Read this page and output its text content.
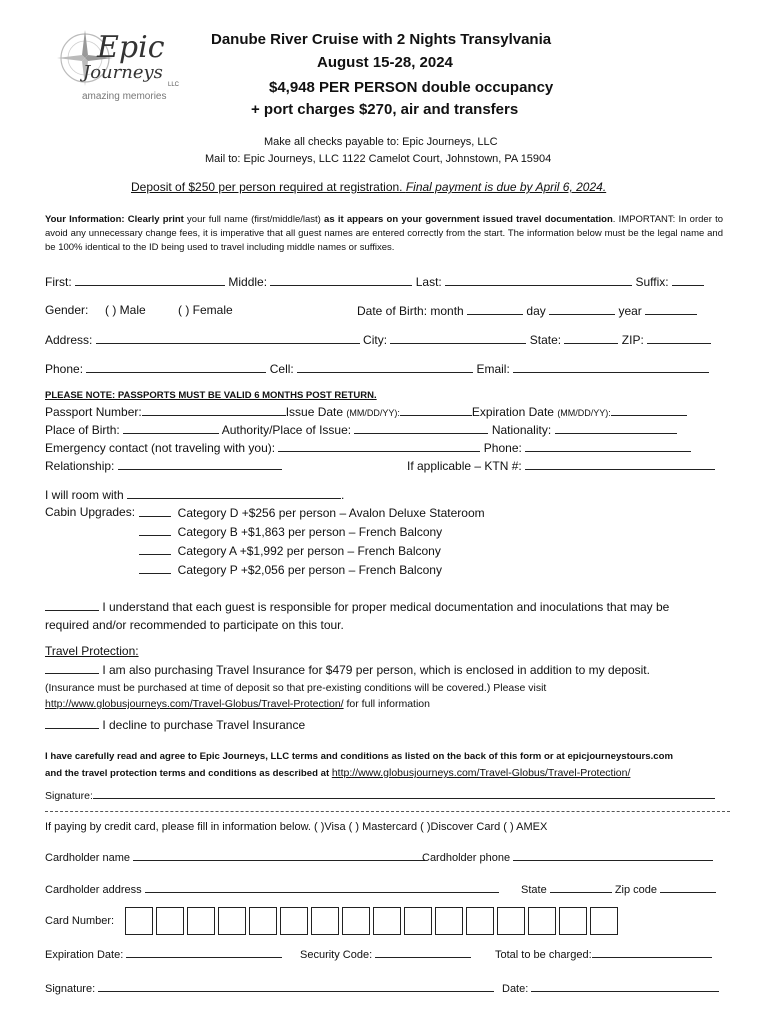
Epic
Journeys
LLC
amazing memories
Danube River Cruise with 2 Nights Transylvania
August 15-28, 2024
$4,948 PER PERSON double occupancy
+ port charges $270, air and transfers
Make all checks payable to: Epic Journeys, LLC
Mail to: Epic Journeys, LLC 1122 Camelot Court, Johnstown, PA 15904
Deposit of $250 per person required at registration. Final payment is due by April 6, 2024.
Your Information: Clearly print your full name (first/middle/last) as it appears on your government issued travel documentation. IMPORTANT: In order to avoid any unnecessary change fees, it is imperative that all guest names are entered correctly from the start. The information below must be the legal name and be 100% identical to the ID being used to travel including middle names or suffixes.
First:	Middle:	Last:	Suffix:
Gender: ( ) Male	( ) Female	Date of Birth: month	day	year
Address:	City:	State:	ZIP:
Phone:	Cell:	Email:
PLEASE NOTE: PASSPORTS MUST BE VALID 6 MONTHS POST RETURN.
Passport Number:	Issue Date (MM/DD/YY):	Expiration Date (MM/DD/YY):
Place of Birth:	Authority/Place of Issue:	Nationality:
Emergency contact (not traveling with you):	Phone:
Relationship:	If applicable – KTN #:
I will room with	.
Cabin Upgrades:	Category D +$256 per person – Avalon Deluxe Stateroom
Category B +$1,863 per person – French Balcony
Category A +$1,992 per person – French Balcony
Category P +$2,056 per person – French Balcony
I understand that each guest is responsible for proper medical documentation and inoculations that may be
required and/or recommended to participate on this tour.
Travel Protection:
I am also purchasing Travel Insurance for $479 per person, which is enclosed in addition to my deposit.
(Insurance must be purchased at time of deposit so that pre-existing conditions will be covered.) Please visit
http://www.globusjourneys.com/Travel-Globus/Travel-Protection/ for full information
I decline to purchase Travel Insurance
I have carefully read and agree to Epic Journeys, LLC terms and conditions as listed on the back of this form or at epicjourneystours.com
and the travel protection terms and conditions as described at http://www.globusjourneys.com/Travel-Globus/Travel-Protection/
Signature:
If paying by credit card, please fill in information below. ( )Visa ( ) Mastercard ( )Discover Card ( ) AMEX
Cardholder name	Cardholder phone
Cardholder address	State	Zip code
Card Number:
Expiration Date:	Security Code:	Total to be charged:
Signature:	Date:
